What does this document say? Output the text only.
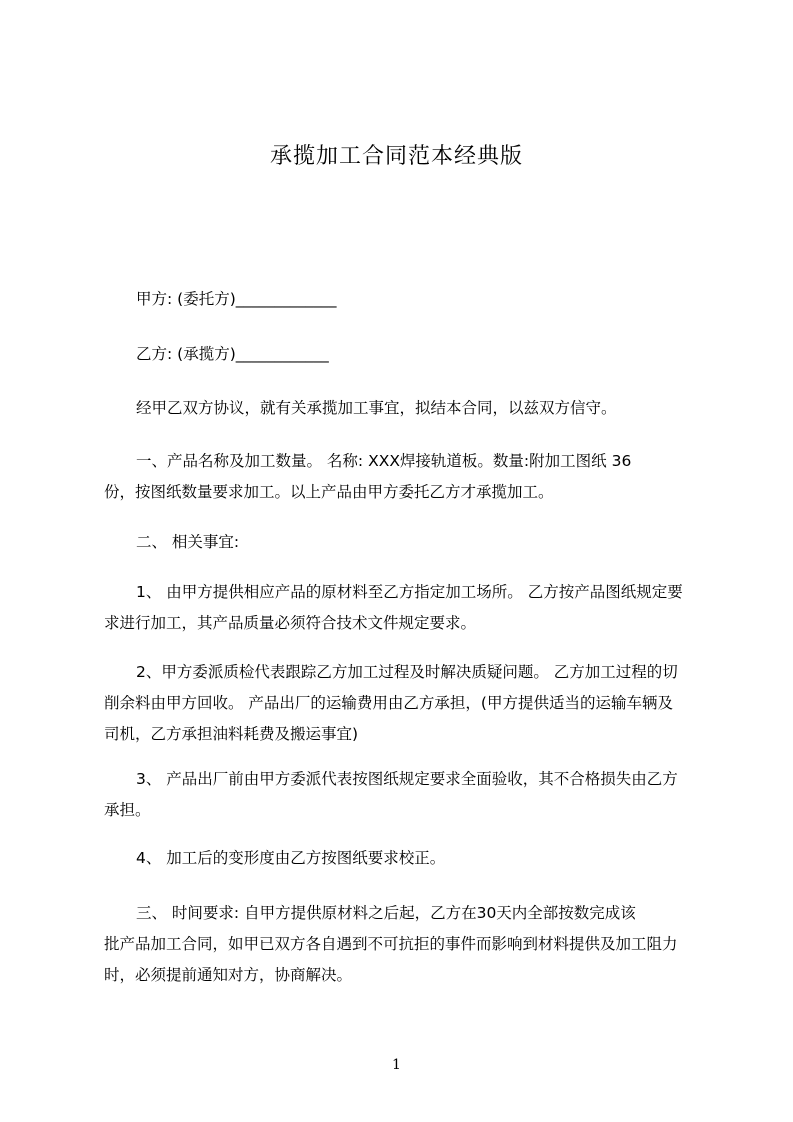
承揽加工合同范本经典版
甲方: (委托方)_____________
乙方: (承揽方)____________
经甲乙双方协议，就有关承揽加工事宜，拟结本合同，以兹双方信守。
一、产品名称及加工数量。 名称: XXX焊接轨道板。数量:附加工图纸 36
份，按图纸数量要求加工。以上产品由甲方委托乙方才承揽加工。
二、 相关事宜:
1、 由甲方提供相应产品的原材料至乙方指定加工场所。 乙方按产品图纸规定要
求进行加工，其产品质量必须符合技术文件规定要求。
2、甲方委派质检代表跟踪乙方加工过程及时解决质疑问题。 乙方加工过程的切
削余料由甲方回收。 产品出厂的运输费用由乙方承担，(甲方提供适当的运输车辆及
司机，乙方承担油料耗费及搬运事宜)
3、 产品出厂前由甲方委派代表按图纸规定要求全面验收，其不合格损失由乙方
承担。
4、 加工后的变形度由乙方按图纸要求校正。
三、 时间要求: 自甲方提供原材料之后起，乙方在30天内全部按数完成该
批产品加工合同，如甲已双方各自遇到不可抗拒的事件而影响到材料提供及加工阻力
时，必须提前通知对方，协商解决。
1
